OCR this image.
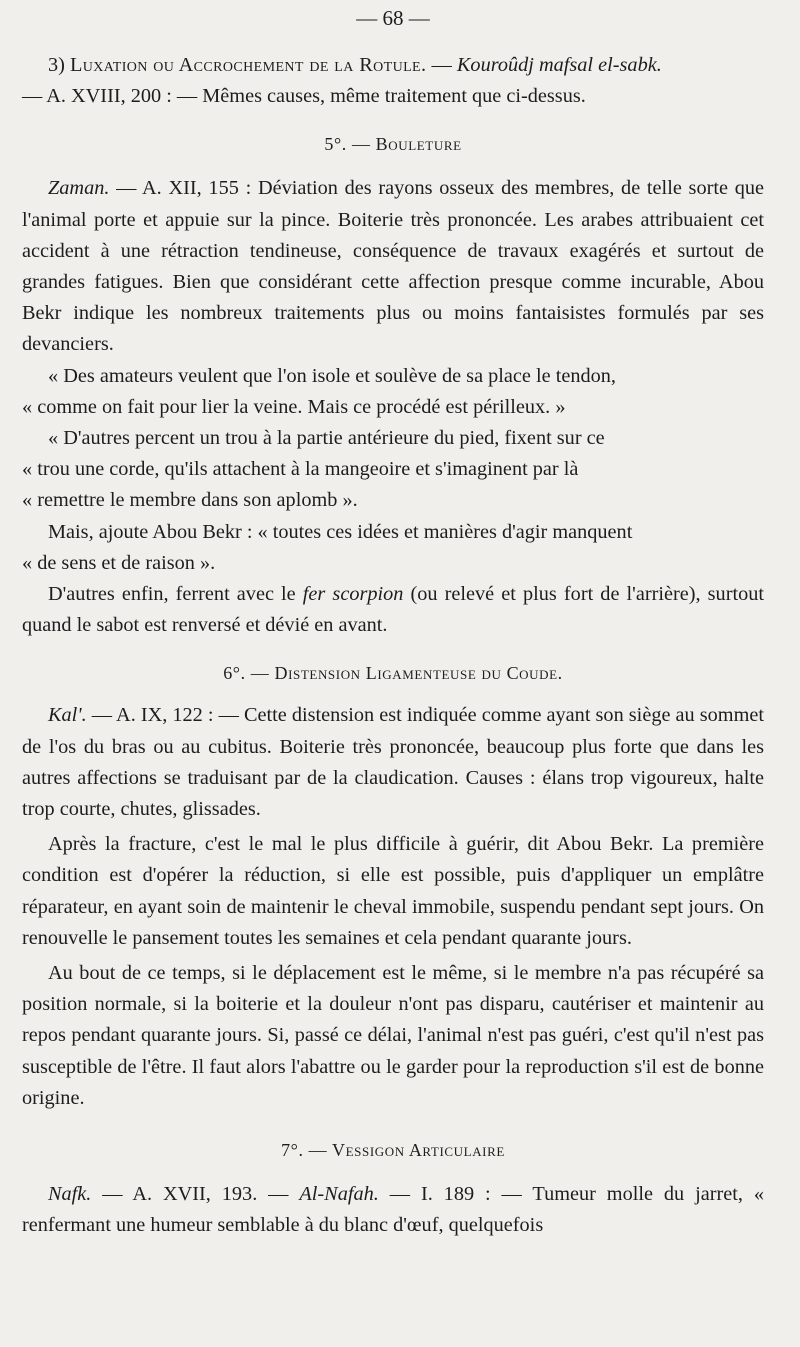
— 68 —

3) Luxation ou Accrochement de la Rotule. — Kouroûdj mafsal el-sabk.

— A. XVIII, 200 : — Mêmes causes, même traitement que ci-dessus.

5°. — Bouleture

Zaman. — A. XII, 155 : Déviation des rayons osseux des membres, de telle sorte que l'animal porte et appuie sur la pince. Boiterie très prononcée. Les arabes attribuaient cet accident à une rétraction tendineuse, conséquence de travaux exagérés et surtout de grandes fatigues. Bien que considérant cette affection presque comme incurable, Abou Bekr indique les nombreux traitements plus ou moins fantaisistes formulés par ses devanciers.

« Des amateurs veulent que l'on isole et soulève de sa place le tendon,

« comme on fait pour lier la veine. Mais ce procédé est périlleux. »

« D'autres percent un trou à la partie antérieure du pied, fixent sur ce

« trou une corde, qu'ils attachent à la mangeoire et s'imaginent par là

« remettre le membre dans son aplomb ».

Mais, ajoute Abou Bekr : « toutes ces idées et manières d'agir manquent

« de sens et de raison ».

D'autres enfin, ferrent avec le fer scorpion (ou relevé et plus fort de l'arrière), surtout quand le sabot est renversé et dévié en avant.

6°. — Distension Ligamenteuse du Coude.

Kal'. — A. IX, 122 : — Cette distension est indiquée comme ayant son siège au sommet de l'os du bras ou au cubitus. Boiterie très prononcée, beaucoup plus forte que dans les autres affections se traduisant par de la claudication. Causes : élans trop vigoureux, halte trop courte, chutes, glissades.

Après la fracture, c'est le mal le plus difficile à guérir, dit Abou Bekr. La première condition est d'opérer la réduction, si elle est possible, puis d'appliquer un emplâtre réparateur, en ayant soin de maintenir le cheval immobile, suspendu pendant sept jours. On renouvelle le pansement toutes les semaines et cela pendant quarante jours.

Au bout de ce temps, si le déplacement est le même, si le membre n'a pas récupéré sa position normale, si la boiterie et la douleur n'ont pas disparu, cautériser et maintenir au repos pendant quarante jours. Si, passé ce délai, l'animal n'est pas guéri, c'est qu'il n'est pas susceptible de l'être. Il faut alors l'abattre ou le garder pour la reproduction s'il est de bonne origine.

7°. — Vessigon Articulaire

Nafk. — A. XVII, 193. — Al-Nafah. — I. 189 : — Tumeur molle du jarret, « renfermant une humeur semblable à du blanc d'œuf, quelquefois
